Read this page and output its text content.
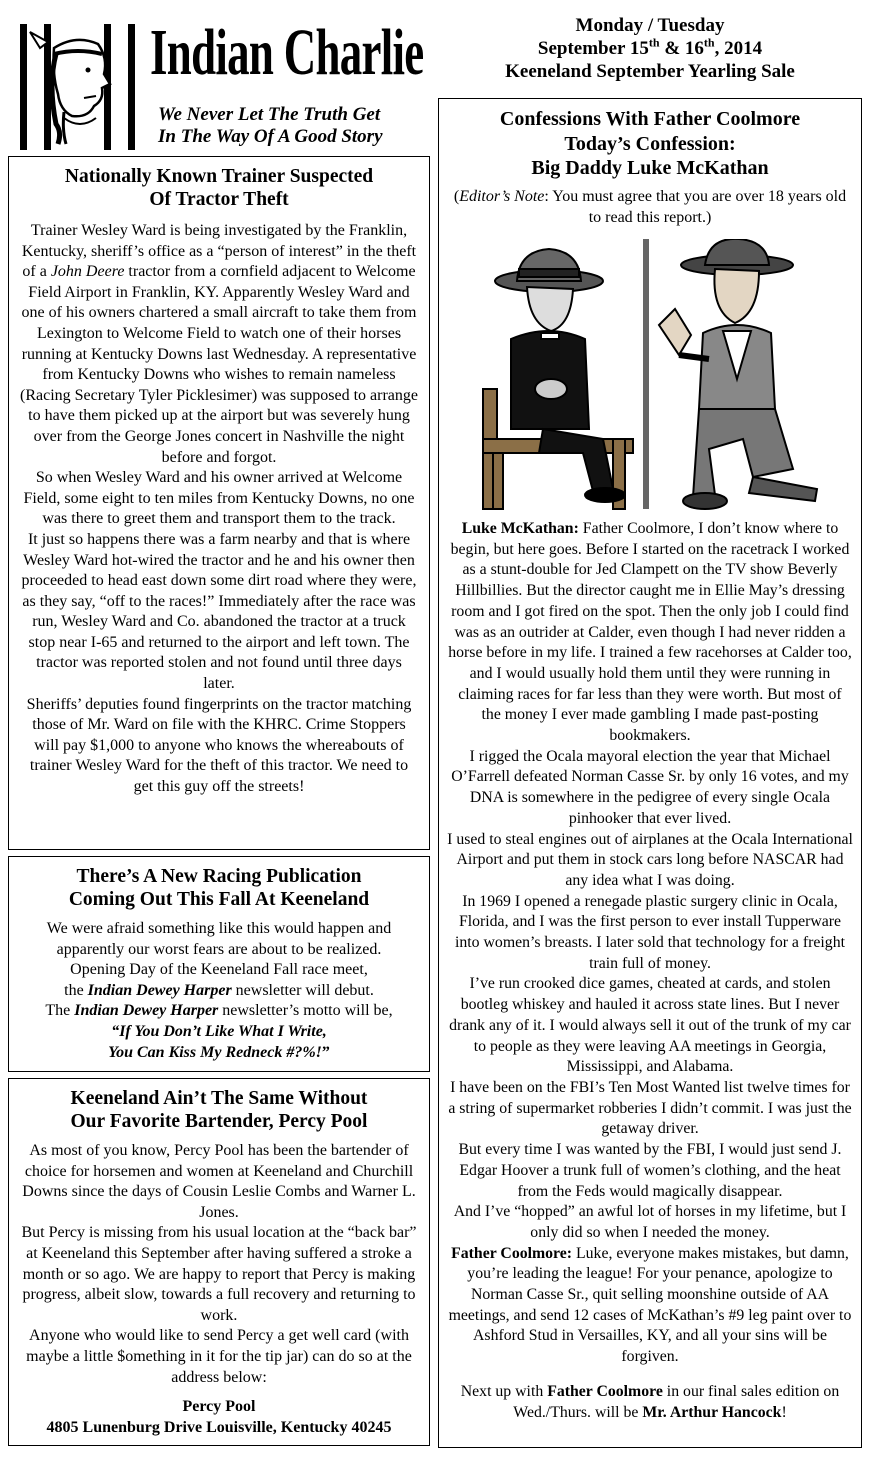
Indian Charlie
We Never Let The Truth Get
In The Way Of A Good Story
Monday / Tuesday
September 15th & 16th, 2014
Keeneland September Yearling Sale
Nationally Known Trainer Suspected
Of Tractor Theft

Trainer Wesley Ward is being investigated by the Franklin, Kentucky, sheriff’s office as a “person of interest” in the theft of a John Deere tractor from a cornfield adjacent to Welcome Field Airport in Franklin, KY. Apparently Wesley Ward and one of his owners chartered a small aircraft to take them from Lexington to Welcome Field to watch one of their horses running at Kentucky Downs last Wednesday. A representative from Kentucky Downs who wishes to remain nameless (Racing Secretary Tyler Picklesimer) was supposed to arrange to have them picked up at the airport but was severely hung over from the George Jones concert in Nashville the night before and forgot.

So when Wesley Ward and his owner arrived at Welcome Field, some eight to ten miles from Kentucky Downs, no one was there to greet them and transport them to the track.

It just so happens there was a farm nearby and that is where Wesley Ward hot-wired the tractor and he and his owner then proceeded to head east down some dirt road where they were, as they say, “off to the races!” Immediately after the race was run, Wesley Ward and Co. abandoned the tractor at a truck stop near I-65 and returned to the airport and left town. The tractor was reported stolen and not found until three days later.

Sheriffs’ deputies found fingerprints on the tractor matching those of Mr. Ward on file with the KHRC. Crime Stoppers will pay $1,000 to anyone who knows the whereabouts of trainer Wesley Ward for the theft of this tractor. We need to get this guy off the streets!

There’s A New Racing Publication
Coming Out This Fall At Keeneland

We were afraid something like this would happen and apparently our worst fears are about to be realized.

Opening Day of the Keeneland Fall race meet,

the Indian Dewey Harper newsletter will debut.

The Indian Dewey Harper newsletter’s motto will be,

“If You Don’t Like What I Write,

You Can Kiss My Redneck #?%!”

Keeneland Ain’t The Same Without
Our Favorite Bartender, Percy Pool

As most of you know, Percy Pool has been the bartender of choice for horsemen and women at Keeneland and Churchill Downs since the days of Cousin Leslie Combs and Warner L. Jones.

But Percy is missing from his usual location at the “back bar” at Keeneland this September after having suffered a stroke a month or so ago. We are happy to report that Percy is making progress, albeit slow, towards a full recovery and returning to work.

Anyone who would like to send Percy a get well card (with maybe a little $omething in it for the tip jar) can do so at the address below:

Percy Pool

4805 Lunenburg Drive Louisville, Kentucky 40245

Confessions With Father Coolmore
Today’s Confession:
Big Daddy Luke McKathan
(Editor’s Note: You must agree that you are over 18 years old to read this report.)

Luke McKathan: Father Coolmore, I don’t know where to begin, but here goes. Before I started on the racetrack I worked as a stunt-double for Jed Clampett on the TV show Beverly Hillbillies. But the director caught me in Ellie May’s dressing room and I got fired on the spot. Then the only job I could find was as an outrider at Calder, even though I had never ridden a horse before in my life. I trained a few racehorses at Calder too, and I would usually hold them until they were running in claiming races for far less than they were worth. But most of the money I ever made gambling I made past-posting bookmakers.

I rigged the Ocala mayoral election the year that Michael O’Farrell defeated Norman Casse Sr. by only 16 votes, and my DNA is somewhere in the pedigree of every single Ocala pinhooker that ever lived.

I used to steal engines out of airplanes at the Ocala International Airport and put them in stock cars long before NASCAR had any idea what I was doing.

In 1969 I opened a renegade plastic surgery clinic in Ocala, Florida, and I was the first person to ever install Tupperware into women’s breasts. I later sold that technology for a freight train full of money.

I’ve run crooked dice games, cheated at cards, and stolen bootleg whiskey and hauled it across state lines. But I never drank any of it. I would always sell it out of the trunk of my car to people as they were leaving AA meetings in Georgia, Mississippi, and Alabama.

I have been on the FBI’s Ten Most Wanted list twelve times for a string of supermarket robberies I didn’t commit. I was just the getaway driver.

But every time I was wanted by the FBI, I would just send J. Edgar Hoover a trunk full of women’s clothing, and the heat from the Feds would magically disappear.

And I’ve “hopped” an awful lot of horses in my lifetime, but I only did so when I needed the money.

Father Coolmore: Luke, everyone makes mistakes, but damn, you’re leading the league! For your penance, apologize to Norman Casse Sr., quit selling moonshine outside of AA meetings, and send 12 cases of McKathan’s #9 leg paint over to Ashford Stud in Versailles, KY, and all your sins will be forgiven.

Next up with Father Coolmore in our final sales edition on Wed./Thurs. will be Mr. Arthur Hancock!
